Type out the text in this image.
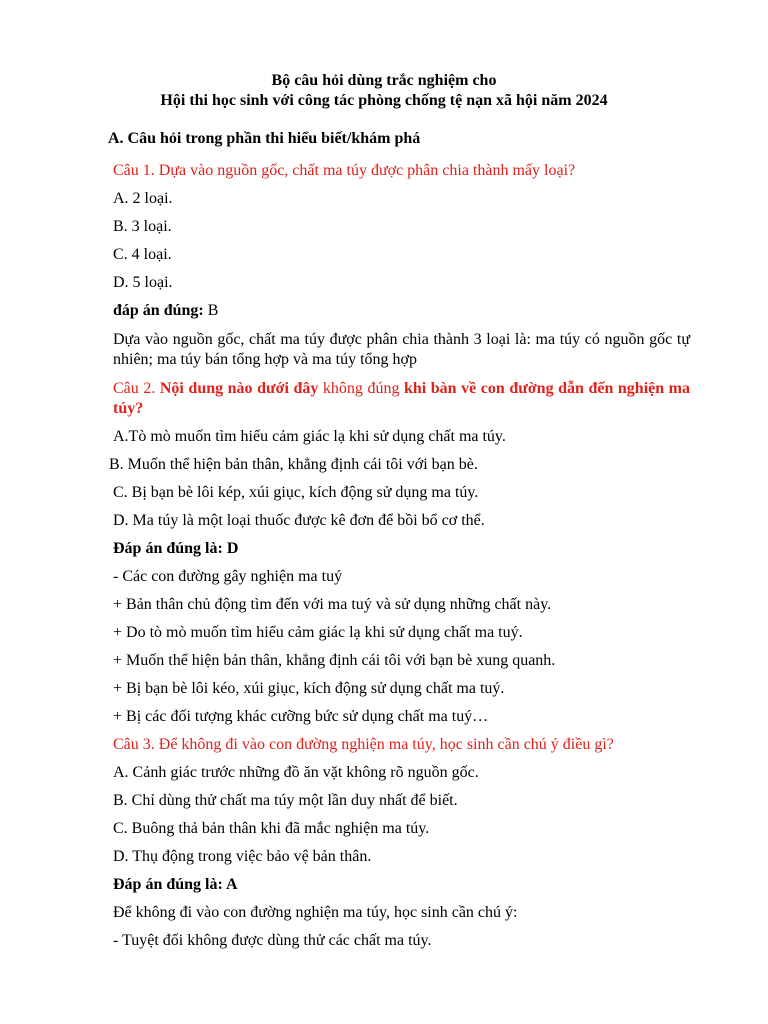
Bộ câu hỏi dùng trắc nghiệm cho
Hội thi học sinh với công tác phòng chống tệ nạn xã hội năm 2024
A. Câu hỏi trong phần thi hiểu biết/khám phá
Câu 1. Dựa vào nguồn gốc, chất ma túy được phân chia thành mấy loại?
A. 2 loại.
B. 3 loại.
C. 4 loại.
D. 5 loại.
đáp án đúng: B
Dựa vào nguồn gốc, chất ma túy được phân chia thành 3 loại là: ma túy có nguồn gốc tự nhiên; ma túy bán tổng hợp và ma túy tổng hợp
Câu 2. Nội dung nào dưới đây không đúng khi bàn về con đường dẫn đến nghiện ma túy?
A.Tò mò muốn tìm hiểu cảm giác lạ khi sử dụng chất ma túy.
B. Muốn thể hiện bản thân, khẳng định cái tôi với bạn bè.
C. Bị bạn bè lôi kép, xúi giục, kích động sử dụng ma túy.
D. Ma túy là một loại thuốc được kê đơn để bồi bổ cơ thể.
Đáp án đúng là: D
- Các con đường gây nghiện ma tuý
+ Bản thân chủ động tìm đến với ma tuý và sử dụng những chất này.
+ Do tò mò muốn tìm hiểu cảm giác lạ khi sử dụng chất ma tuý.
+ Muốn thể hiện bản thân, khẳng định cái tôi với bạn bè xung quanh.
+ Bị bạn bè lôi kéo, xúi giục, kích động sử dụng chất ma tuý.
+ Bị các đối tượng khác cưỡng bức sử dụng chất ma tuý…
Câu 3. Để không đi vào con đường nghiện ma túy, học sinh cần chú ý điều gì?
A. Cảnh giác trước những đồ ăn vặt không rõ nguồn gốc.
B. Chỉ dùng thử chất ma túy một lần duy nhất để biết.
C. Buông thả bản thân khi đã mắc nghiện ma túy.
D. Thụ động trong việc bảo vệ bản thân.
Đáp án đúng là: A
Để không đi vào con đường nghiện ma túy, học sinh cần chú ý:
- Tuyệt đối không được dùng thử các chất ma túy.
